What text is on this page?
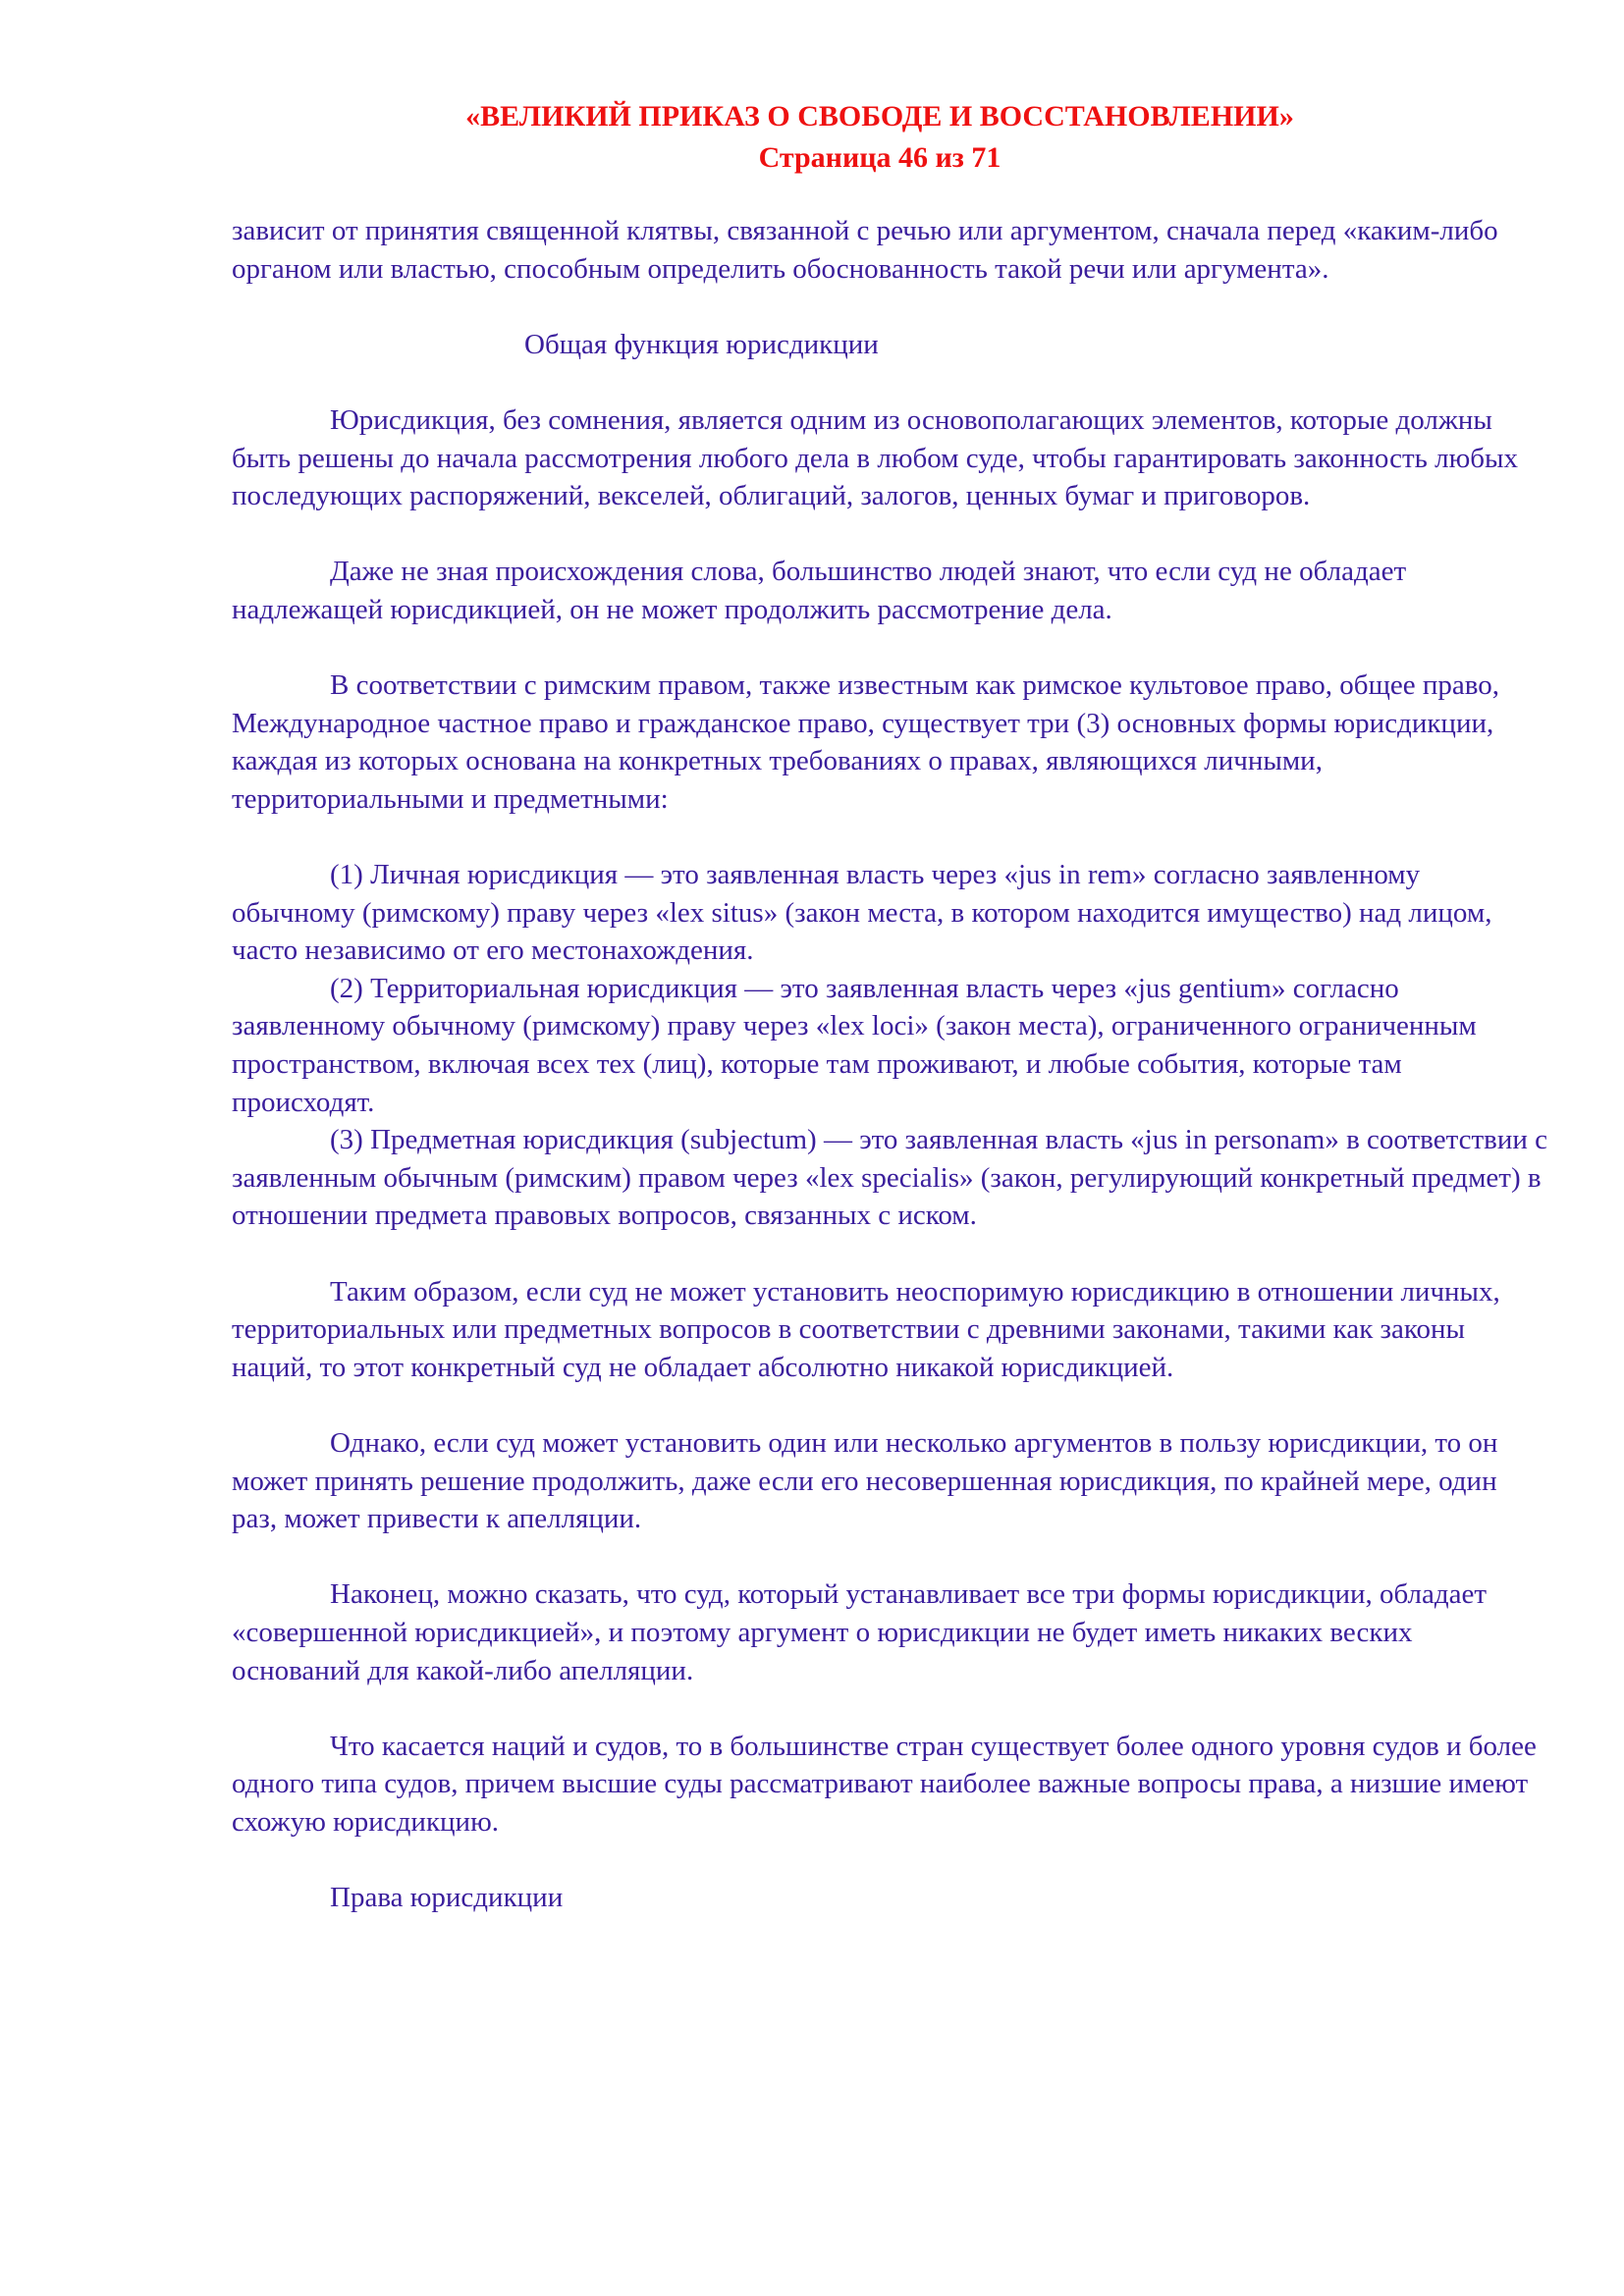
«ВЕЛИКИЙ ПРИКАЗ О СВОБОДЕ И ВОССТАНОВЛЕНИИ»
Страница 46 из 71

зависит от принятия священной клятвы, связанной с речью или аргументом, сначала перед «каким-либо органом или властью, способным определить обоснованность такой речи или аргумента».

Общая функция юрисдикции

Юрисдикция, без сомнения, является одним из основополагающих элементов, которые должны быть решены до начала рассмотрения любого дела в любом суде, чтобы гарантировать законность любых последующих распоряжений, векселей, облигаций, залогов, ценных бумаг и приговоров.

Даже не зная происхождения слова, большинство людей знают, что если суд не обладает надлежащей юрисдикцией, он не может продолжить рассмотрение дела.

В соответствии с римским правом, также известным как римское культовое право, общее право, Международное частное право и гражданское право, существует три (3) основных формы юрисдикции, каждая из которых основана на конкретных требованиях о правах, являющихся личными, территориальными и предметными:

(1) Личная юрисдикция — это заявленная власть через «jus in rem» согласно заявленному обычному (римскому) праву через «lex situs» (закон места, в котором находится имущество) над лицом, часто независимо от его местонахождения.

(2) Территориальная юрисдикция — это заявленная власть через «jus gentium» согласно заявленному обычному (римскому) праву через «lex loci» (закон места), ограниченного ограниченным пространством, включая всех тех (лиц), которые там проживают, и любые события, которые там происходят.

(3) Предметная юрисдикция (subjectum) — это заявленная власть «jus in personam» в соответствии с заявленным обычным (римским) правом через «lex specialis» (закон, регулирующий конкретный предмет) в отношении предмета правовых вопросов, связанных с иском.

Таким образом, если суд не может установить неоспоримую юрисдикцию в отношении личных, территориальных или предметных вопросов в соответствии с древними законами, такими как законы наций, то этот конкретный суд не обладает абсолютно никакой юрисдикцией.

Однако, если суд может установить один или несколько аргументов в пользу юрисдикции, то он может принять решение продолжить, даже если его несовершенная юрисдикция, по крайней мере, один раз, может привести к апелляции.

Наконец, можно сказать, что суд, который устанавливает все три формы юрисдикции, обладает «совершенной юрисдикцией», и поэтому аргумент о юрисдикции не будет иметь никаких веских оснований для какой-либо апелляции.

Что касается наций и судов, то в большинстве стран существует более одного уровня судов и более одного типа судов, причем высшие суды рассматривают наиболее важные вопросы права, а низшие имеют схожую юрисдикцию.

Права юрисдикции
